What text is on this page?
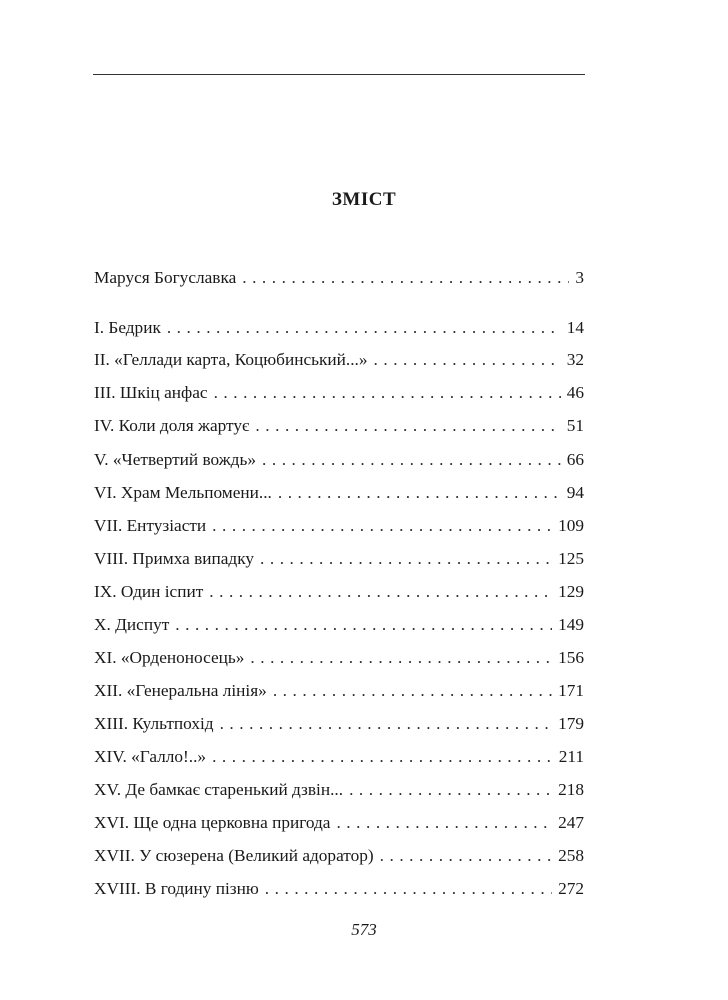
ЗМІСТ
Маруся Богуславка . . .	3
І. Бедрик . . .	14
ІІ. «Геллади карта, Коцюбинський...» . . .	32
ІІІ. Шкіц анфас . . .	46
IV. Коли доля жартує . . .	51
V. «Четвертий вождь» . . .	66
VI. Храм Мельпомени... . . .	94
VII. Ентузіасти . . .	109
VIII. Примха випадку . . .	125
IX. Один іспит . . .	129
X. Диспут . . .	149
XI. «Орденоносець» . . .	156
XII. «Генеральна лінія» . . .	171
XIII. Культпохід . . .	179
XIV. «Галло!..» . . .	211
XV. Де бамкає старенький дзвін... . . .	218
XVI. Ще одна церковна пригода . . .	247
XVII. У сюзерена (Великий адоратор) . . .	258
XVIII. В годину пізню . . .	272
573
